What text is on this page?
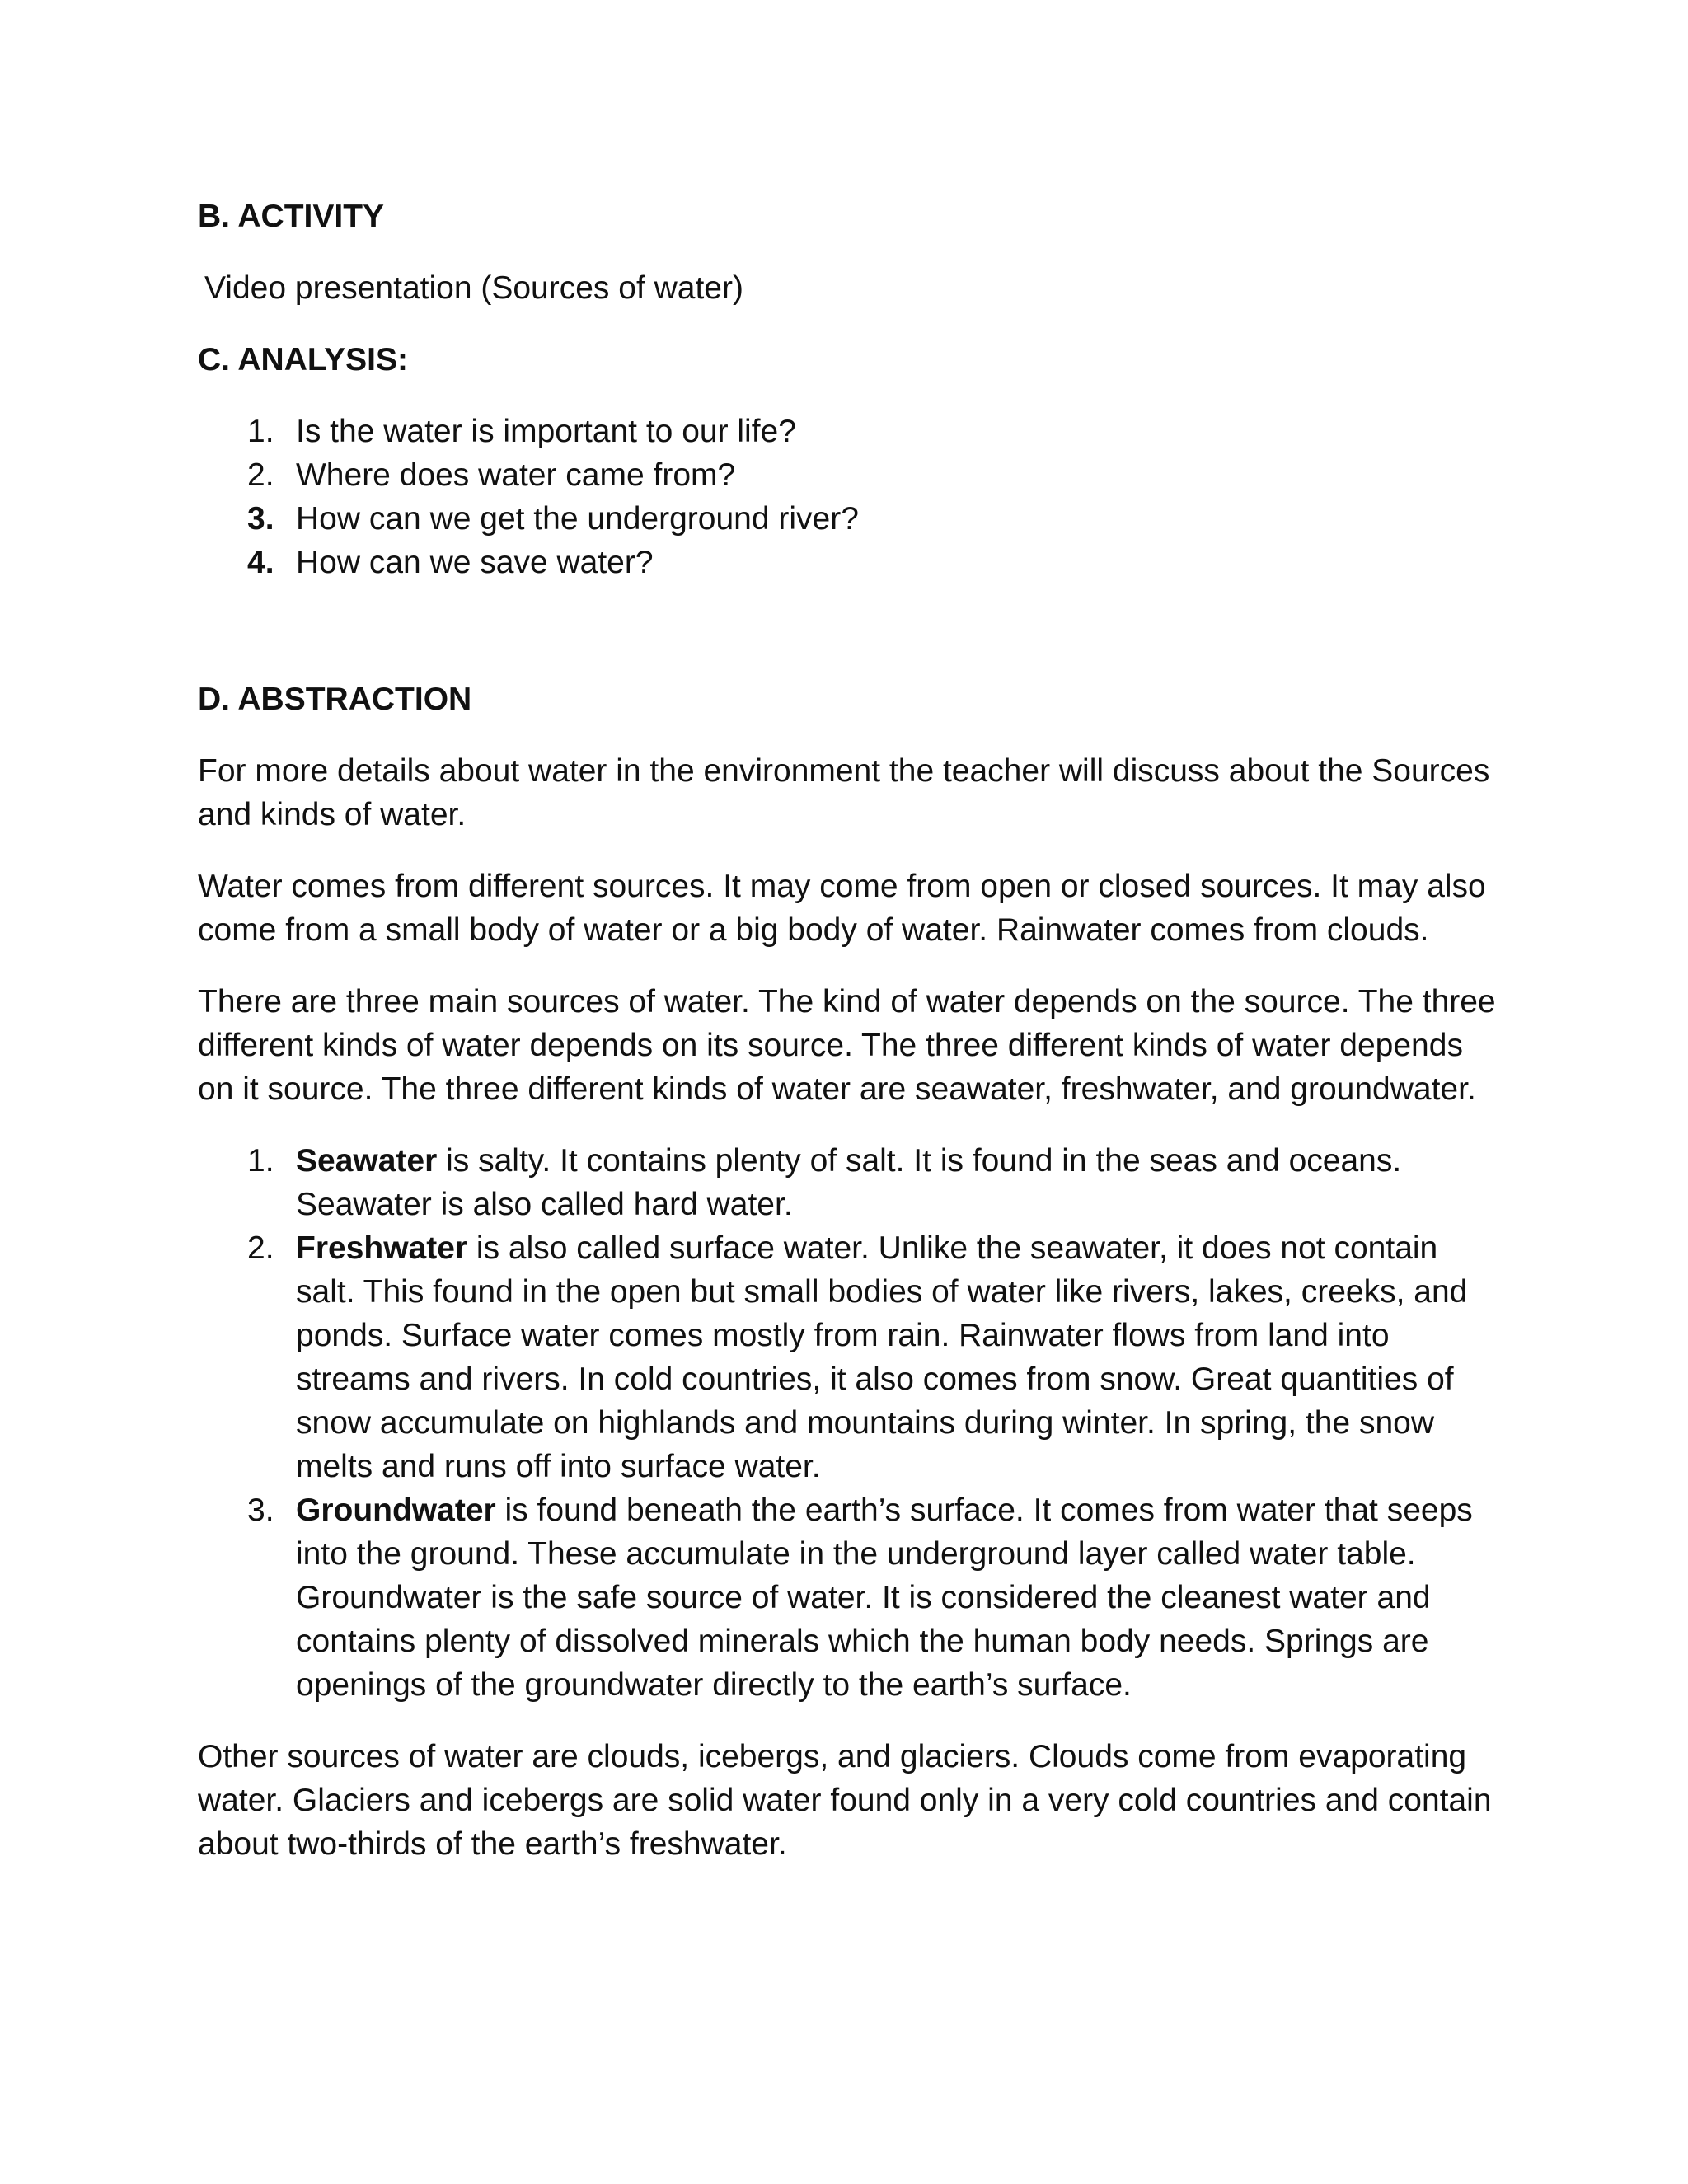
B. ACTIVITY

Video presentation (Sources of water)

C. ANALYSIS:

1. Is the water is important to our life?
2. Where does water came from?
3. How can we get the underground river?
4. How can we save water?

D. ABSTRACTION

For more details about water in the environment the teacher will discuss about the Sources and kinds of water.

Water comes from different sources. It may come from open or closed sources. It may also come from a small body of water or a big body of water. Rainwater comes from clouds.

There are three main sources of water. The kind of water depends on the source. The three different kinds of water depends on its source. The three different kinds of water depends on it source. The three different kinds of water are seawater, freshwater, and groundwater.

1. Seawater is salty. It contains plenty of salt. It is found in the seas and oceans. Seawater is also called hard water.
2. Freshwater is also called surface water. Unlike the seawater, it does not contain salt. This found in the open but small bodies of water like rivers, lakes, creeks, and ponds. Surface water comes mostly from rain. Rainwater flows from land into streams and rivers. In cold countries, it also comes from snow. Great quantities of snow accumulate on highlands and mountains during winter. In spring, the snow melts and runs off into surface water.
3. Groundwater is found beneath the earth’s surface. It comes from water that seeps into the ground. These accumulate in the underground layer called water table. Groundwater is the safe source of water. It is considered the cleanest water and contains plenty of dissolved minerals which the human body needs. Springs are openings of the groundwater directly to the earth’s surface.

Other sources of water are clouds, icebergs, and glaciers. Clouds come from evaporating water. Glaciers and icebergs are solid water found only in a very cold countries and contain about two-thirds of the earth’s freshwater.
